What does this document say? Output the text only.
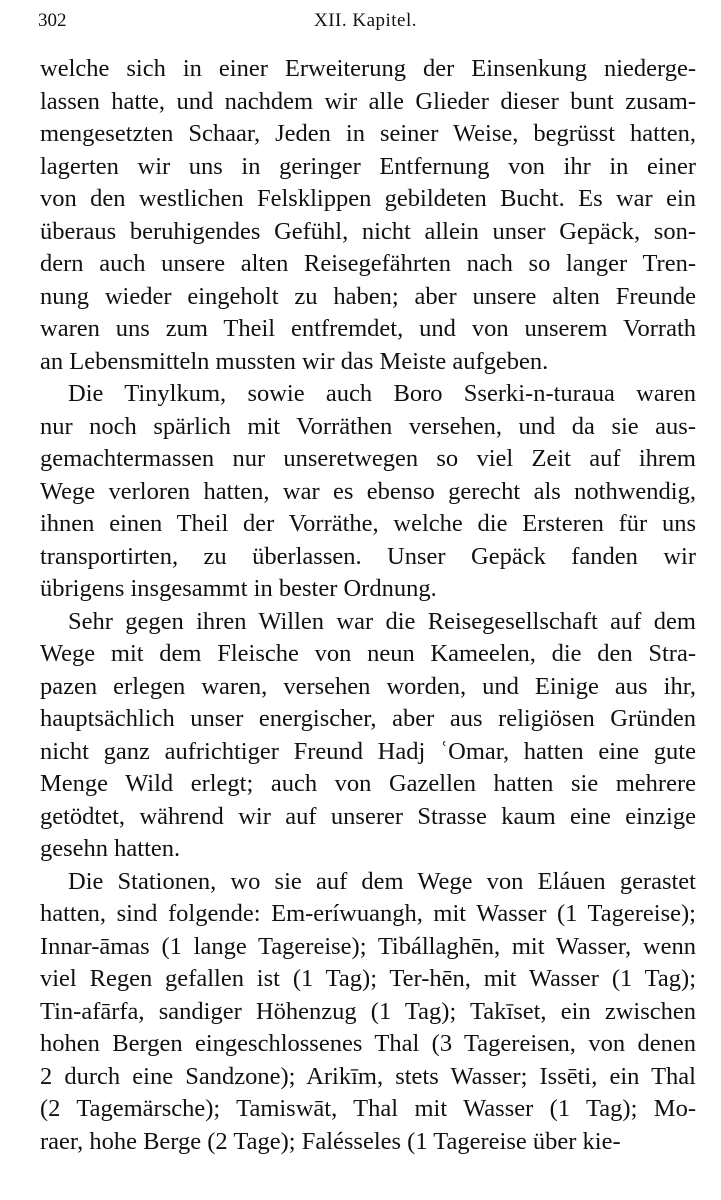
302	XII. Kapitel.
welche sich in einer Erweiterung der Einsenkung niederge-
lassen hatte, und nachdem wir alle Glieder dieser bunt zusam-
mengesetzten Schaar, Jeden in seiner Weise, begrüsst hatten,
lagerten wir uns in geringer Entfernung von ihr in einer
von den westlichen Felsklippen gebildeten Bucht. Es war ein
überaus beruhigendes Gefühl, nicht allein unser Gepäck, son-
dern auch unsere alten Reisegefährten nach so langer Tren-
nung wieder eingeholt zu haben; aber unsere alten Freunde
waren uns zum Theil entfremdet, und von unserem Vorrath
an Lebensmitteln mussten wir das Meiste aufgeben.
Die Tinylkum, sowie auch Boro Sserki-n-turaua waren
nur noch spärlich mit Vorräthen versehen, und da sie aus-
gemachtermassen nur unseretwegen so viel Zeit auf ihrem
Wege verloren hatten, war es ebenso gerecht als nothwendig,
ihnen einen Theil der Vorräthe, welche die Ersteren für uns
transportirten, zu überlassen. Unser Gepäck fanden wir
übrigens insgesammt in bester Ordnung.
Sehr gegen ihren Willen war die Reisegesellschaft auf dem
Wege mit dem Fleische von neun Kameelen, die den Stra-
pazen erlegen waren, versehen worden, und Einige aus ihr,
hauptsächlich unser energischer, aber aus religiösen Gründen
nicht ganz aufrichtiger Freund Hadj ʿOmar, hatten eine gute
Menge Wild erlegt; auch von Gazellen hatten sie mehrere
getödtet, während wir auf unserer Strasse kaum eine einzige
gesehn hatten.
Die Stationen, wo sie auf dem Wege von Eláuen gerastet
hatten, sind folgende: Em-eríwuangh, mit Wasser (1 Tagereise);
Innar-āmas (1 lange Tagereise); Tibállaghēn, mit Wasser, wenn
viel Regen gefallen ist (1 Tag); Ter-hēn, mit Wasser (1 Tag);
Tin-afārfa, sandiger Höhenzug (1 Tag); Takīset, ein zwischen
hohen Bergen eingeschlossenes Thal (3 Tagereisen, von denen
2 durch eine Sandzone); Arikīm, stets Wasser; Issēti, ein Thal
(2 Tagemärsche); Tamiswāt, Thal mit Wasser (1 Tag); Mo-
raer, hohe Berge (2 Tage); Falésseles (1 Tagereise über kie-
